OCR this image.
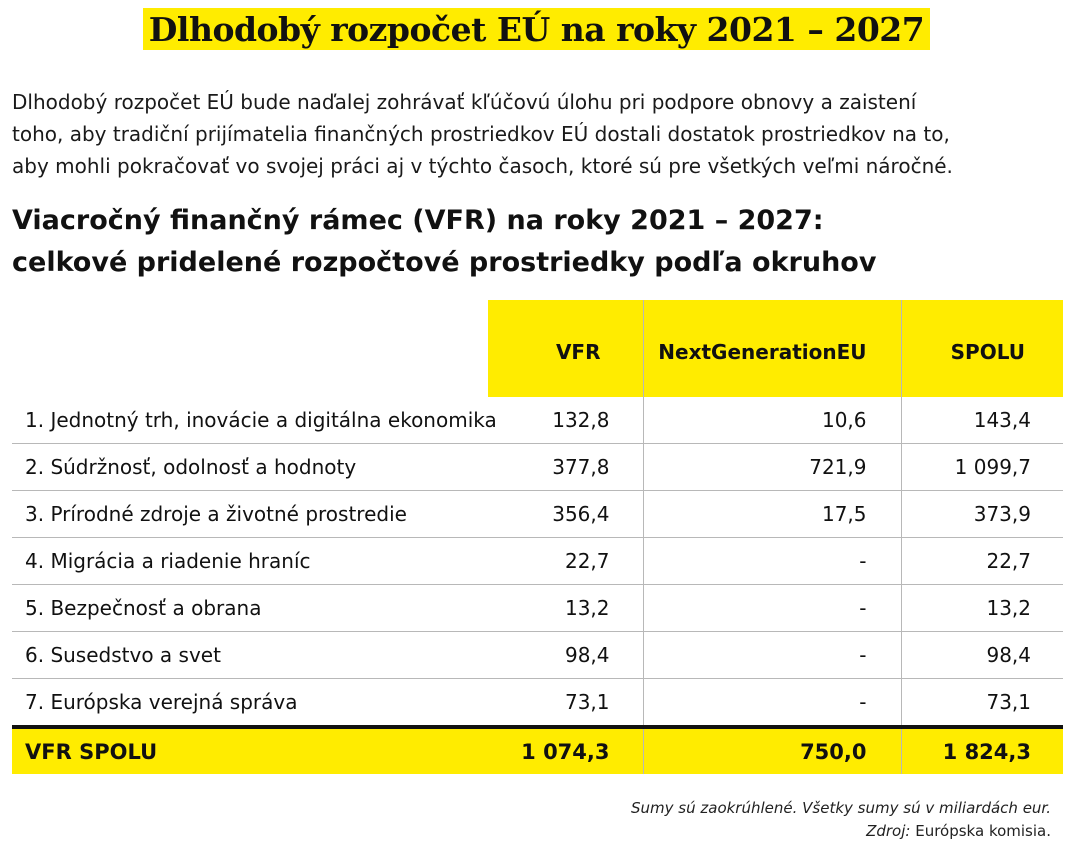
Dlhodobý rozpočet EÚ na roky 2021 – 2027
Dlhodobý rozpočet EÚ bude naďalej zohrávať kľúčovú úlohu pri podpore obnovy a zaistení
toho, aby tradiční prijímatelia finančných prostriedkov EÚ dostali dostatok prostriedkov na to,
aby mohli pokračovať vo svojej práci aj v týchto časoch, ktoré sú pre všetkých veľmi náročné.
Viacročný finančný rámec (VFR) na roky 2021 – 2027:
celkové pridelené rozpočtové prostriedky podľa okruhov
	VFR	NextGenerationEU	SPOLU
1. Jednotný trh, inovácie a digitálna ekonomika	132,8	10,6	143,4
2. Súdržnosť, odolnosť a hodnoty	377,8	721,9	1 099,7
3. Prírodné zdroje a životné prostredie	356,4	17,5	373,9
4. Migrácia a riadenie hraníc	22,7	-	22,7
5. Bezpečnosť a obrana	13,2	-	13,2
6. Susedstvo a svet	98,4	-	98,4
7. Európska verejná správa	73,1	-	73,1
VFR SPOLU	1 074,3	750,0	1 824,3
Sumy sú zaokrúhlené. Všetky sumy sú v miliardách eur.
Zdroj: Európska komisia.
